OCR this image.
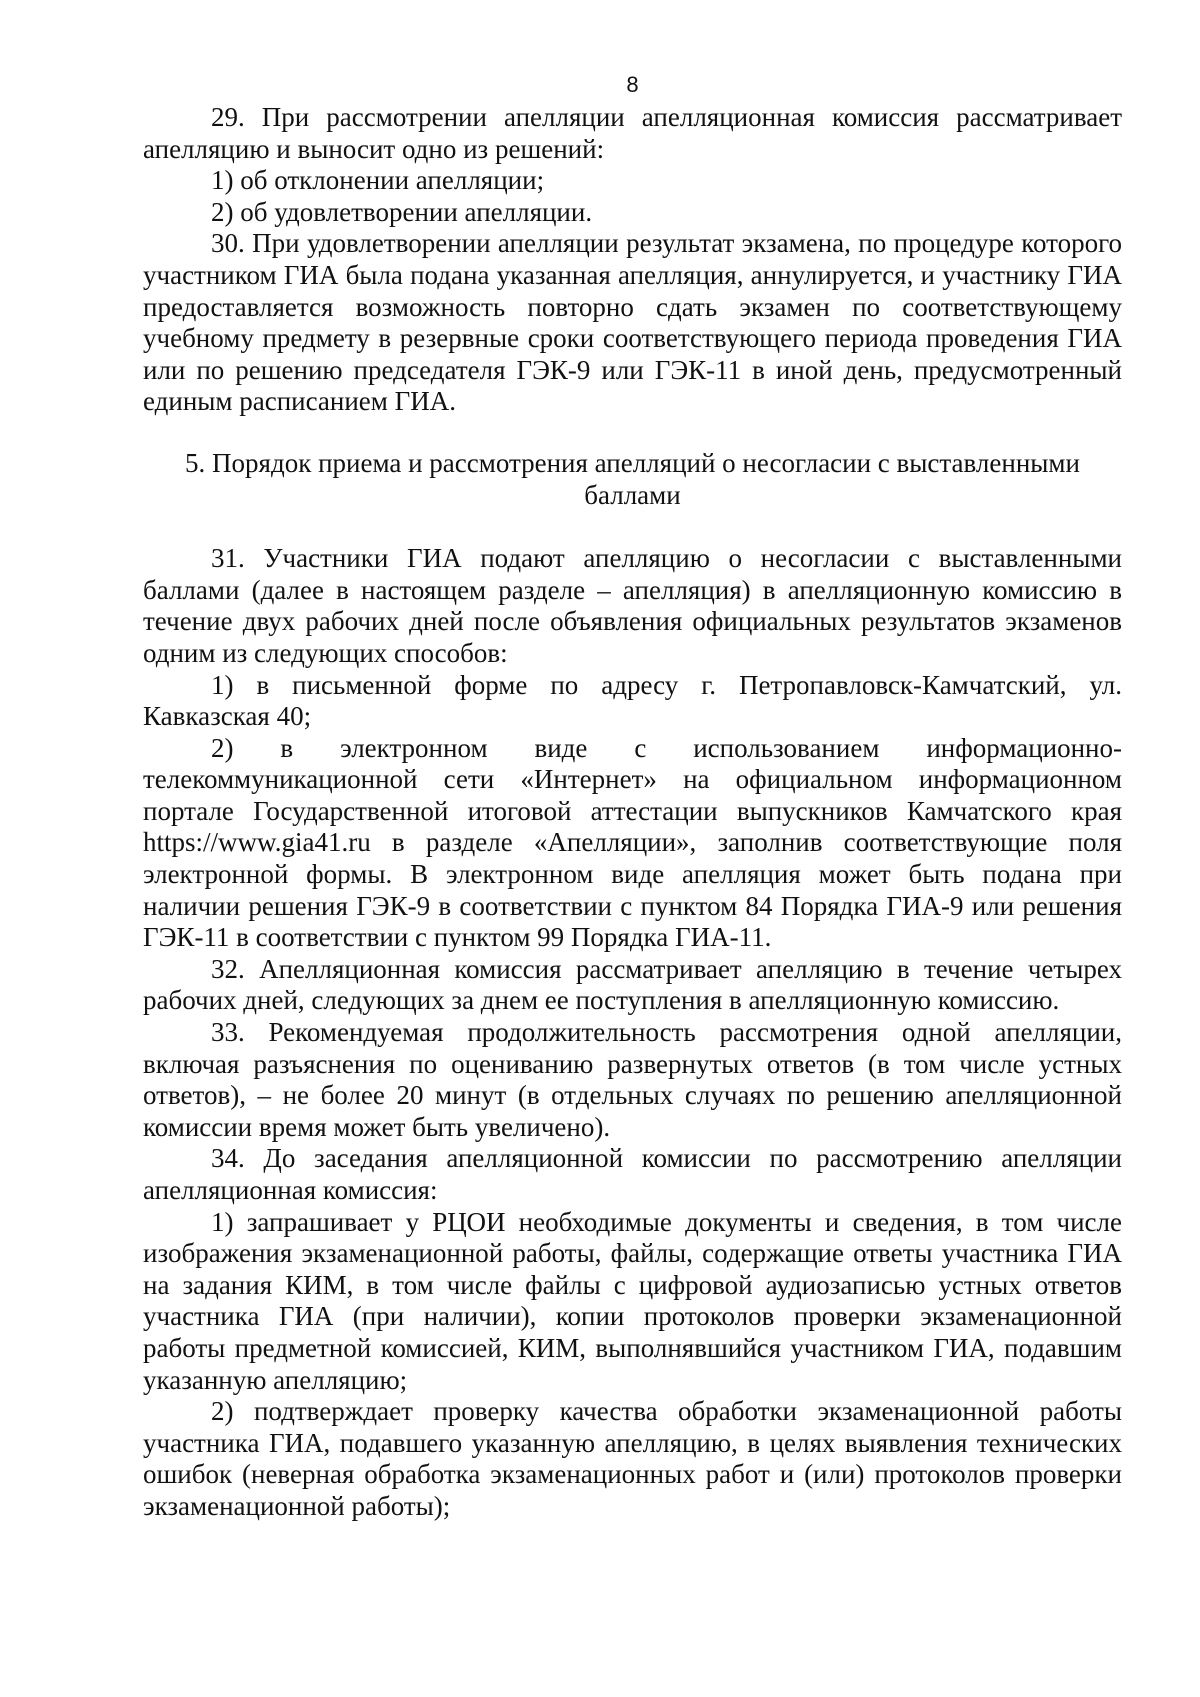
8

29. При рассмотрении апелляции апелляционная комиссия рассматривает апелляцию и выносит одно из решений:

1) об отклонении апелляции;

2) об удовлетворении апелляции.

30. При удовлетворении апелляции результат экзамена, по процедуре которого участником ГИА была подана указанная апелляция, аннулируется, и участнику ГИА предоставляется возможность повторно сдать экзамен по соответствующему учебному предмету в резервные сроки соответствующего периода проведения ГИА или по решению председателя ГЭК-9 или ГЭК-11 в иной день, предусмотренный единым расписанием ГИА.

5. Порядок приема и рассмотрения апелляций о несогласии с выставленными баллами

31. Участники ГИА подают апелляцию о несогласии с выставленными баллами (далее в настоящем разделе – апелляция) в апелляционную комиссию в течение двух рабочих дней после объявления официальных результатов экзаменов одним из следующих способов:

1) в письменной форме по адресу г. Петропавловск-Камчатский, ул. Кавказская 40;

2) в электронном виде с использованием информационно-телекоммуникационной сети «Интернет» на официальном информационном портале Государственной итоговой аттестации выпускников Камчатского края https://www.gia41.ru в разделе «Апелляции», заполнив соответствующие поля электронной формы. В электронном виде апелляция может быть подана при наличии решения ГЭК-9 в соответствии с пунктом 84 Порядка ГИА-9 или решения ГЭК-11 в соответствии с пунктом 99 Порядка ГИА-11.

32. Апелляционная комиссия рассматривает апелляцию в течение четырех рабочих дней, следующих за днем ее поступления в апелляционную комиссию.

33. Рекомендуемая продолжительность рассмотрения одной апелляции, включая разъяснения по оцениванию развернутых ответов (в том числе устных ответов), – не более 20 минут (в отдельных случаях по решению апелляционной комиссии время может быть увеличено).

34. До заседания апелляционной комиссии по рассмотрению апелляции апелляционная комиссия:

1) запрашивает у РЦОИ необходимые документы и сведения, в том числе изображения экзаменационной работы, файлы, содержащие ответы участника ГИА на задания КИМ, в том числе файлы с цифровой аудиозаписью устных ответов участника ГИА (при наличии), копии протоколов проверки экзаменационной работы предметной комиссией, КИМ, выполнявшийся участником ГИА, подавшим указанную апелляцию;

2) подтверждает проверку качества обработки экзаменационной работы участника ГИА, подавшего указанную апелляцию, в целях выявления технических ошибок (неверная обработка экзаменационных работ и (или) протоколов проверки экзаменационной работы);
